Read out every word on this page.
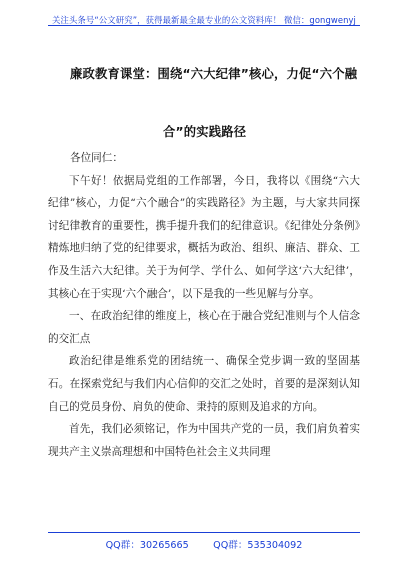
关注头条号“公文研究”，获得最新最全最专业的公文资料库！ 微信：gongwenyj
廉政教育课堂：围绕“六大纪律”核心，力促“六个融
合”的实践路径

各位同仁：

下午好！依据局党组的工作部署，今日，我将以《围绕“六大纪律”核心，力促“六个融合”的实践路径》为主题，与大家共同探讨纪律教育的重要性，携手提升我们的纪律意识。《纪律处分条例》精炼地归纳了党的纪律要求，概括为政治、组织、廉洁、群众、工作及生活六大纪律。关于为何学、学什么、如何学这‘六大纪律’，其核心在于实现‘六个融合’，以下是我的一些见解与分享。

一、在政治纪律的维度上，核心在于融合党纪准则与个人信念的交汇点

政治纪律是维系党的团结统一、确保全党步调一致的坚固基石。在探索党纪与我们内心信仰的交汇之处时，首要的是深刻认知自己的党员身份、肩负的使命、秉持的原则及追求的方向。

首先，我们必须铭记，作为中国共产党的一员，我们肩负着实现共产主义崇高理想和中国特色社会主义共同理

QQ群：30265665        QQ群：535304092
